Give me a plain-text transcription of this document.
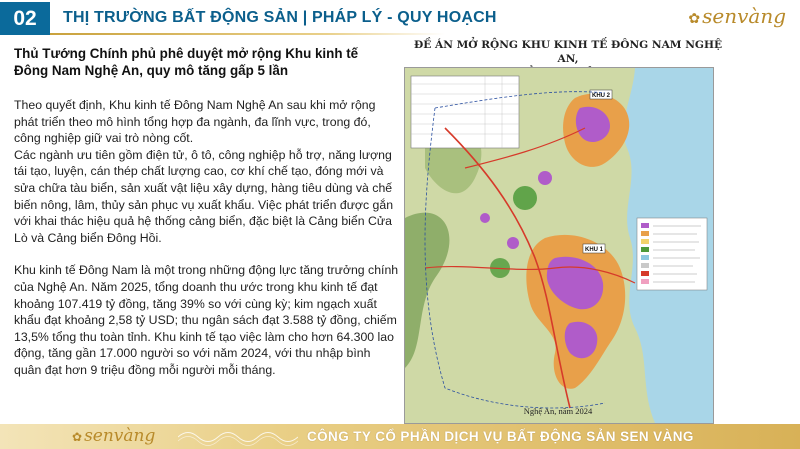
02	THỊ TRƯỜNG BẤT ĐỘNG SẢN | PHÁP LÝ - QUY HOẠCH	✿ senvàng
Thủ Tướng Chính phủ phê duyệt mở rộng Khu kinh tế Đông Nam Nghệ An, quy mô tăng gấp 5 lần

Theo quyết định, Khu kinh tế Đông Nam Nghệ An sau khi mở rộng phát triển theo mô hình tổng hợp đa ngành, đa lĩnh vực, trong đó, công nghiệp giữ vai trò nòng cốt.

Các ngành ưu tiên gồm điện tử, ô tô, công nghiệp hỗ trợ, năng lượng tái tạo, luyện, cán thép chất lượng cao, cơ khí chế tạo, đóng mới và sửa chữa tàu biển, sản xuất vật liệu xây dựng, hàng tiêu dùng và chế biến nông, lâm, thủy sản phục vụ xuất khẩu. Việc phát triển được gắn với khai thác hiệu quả hệ thống cảng biển, đặc biệt là Cảng biển Cửa Lò và Cảng biển Đông Hồi.

Khu kinh tế Đông Nam là một trong những động lực tăng trưởng chính của Nghệ An. Năm 2025, tổng doanh thu ước trong khu kinh tế đạt khoảng 107.419 tỷ đồng, tăng 39% so với cùng kỳ; kim ngạch xuất khẩu đạt khoảng 2,58 tỷ USD; thu ngân sách đạt 3.588 tỷ đồng, chiếm 13,5% tổng thu toàn tỉnh. Khu kinh tế tạo việc làm cho hơn 64.300 lao động, tăng gần 17.000 người so với năm 2024, với thu nhập bình quân đạt hơn 9 triệu đồng mỗi người mỗi tháng.

ĐỀ ÁN MỞ RỘNG KHU KINH TẾ ĐÔNG NAM NGHỆ AN,
KHU 2
KHU 1
Nghệ An, năm 2024
✿ senvàng	CÔNG TY CỔ PHẦN DỊCH VỤ BẤT ĐỘNG SẢN SEN VÀNG
